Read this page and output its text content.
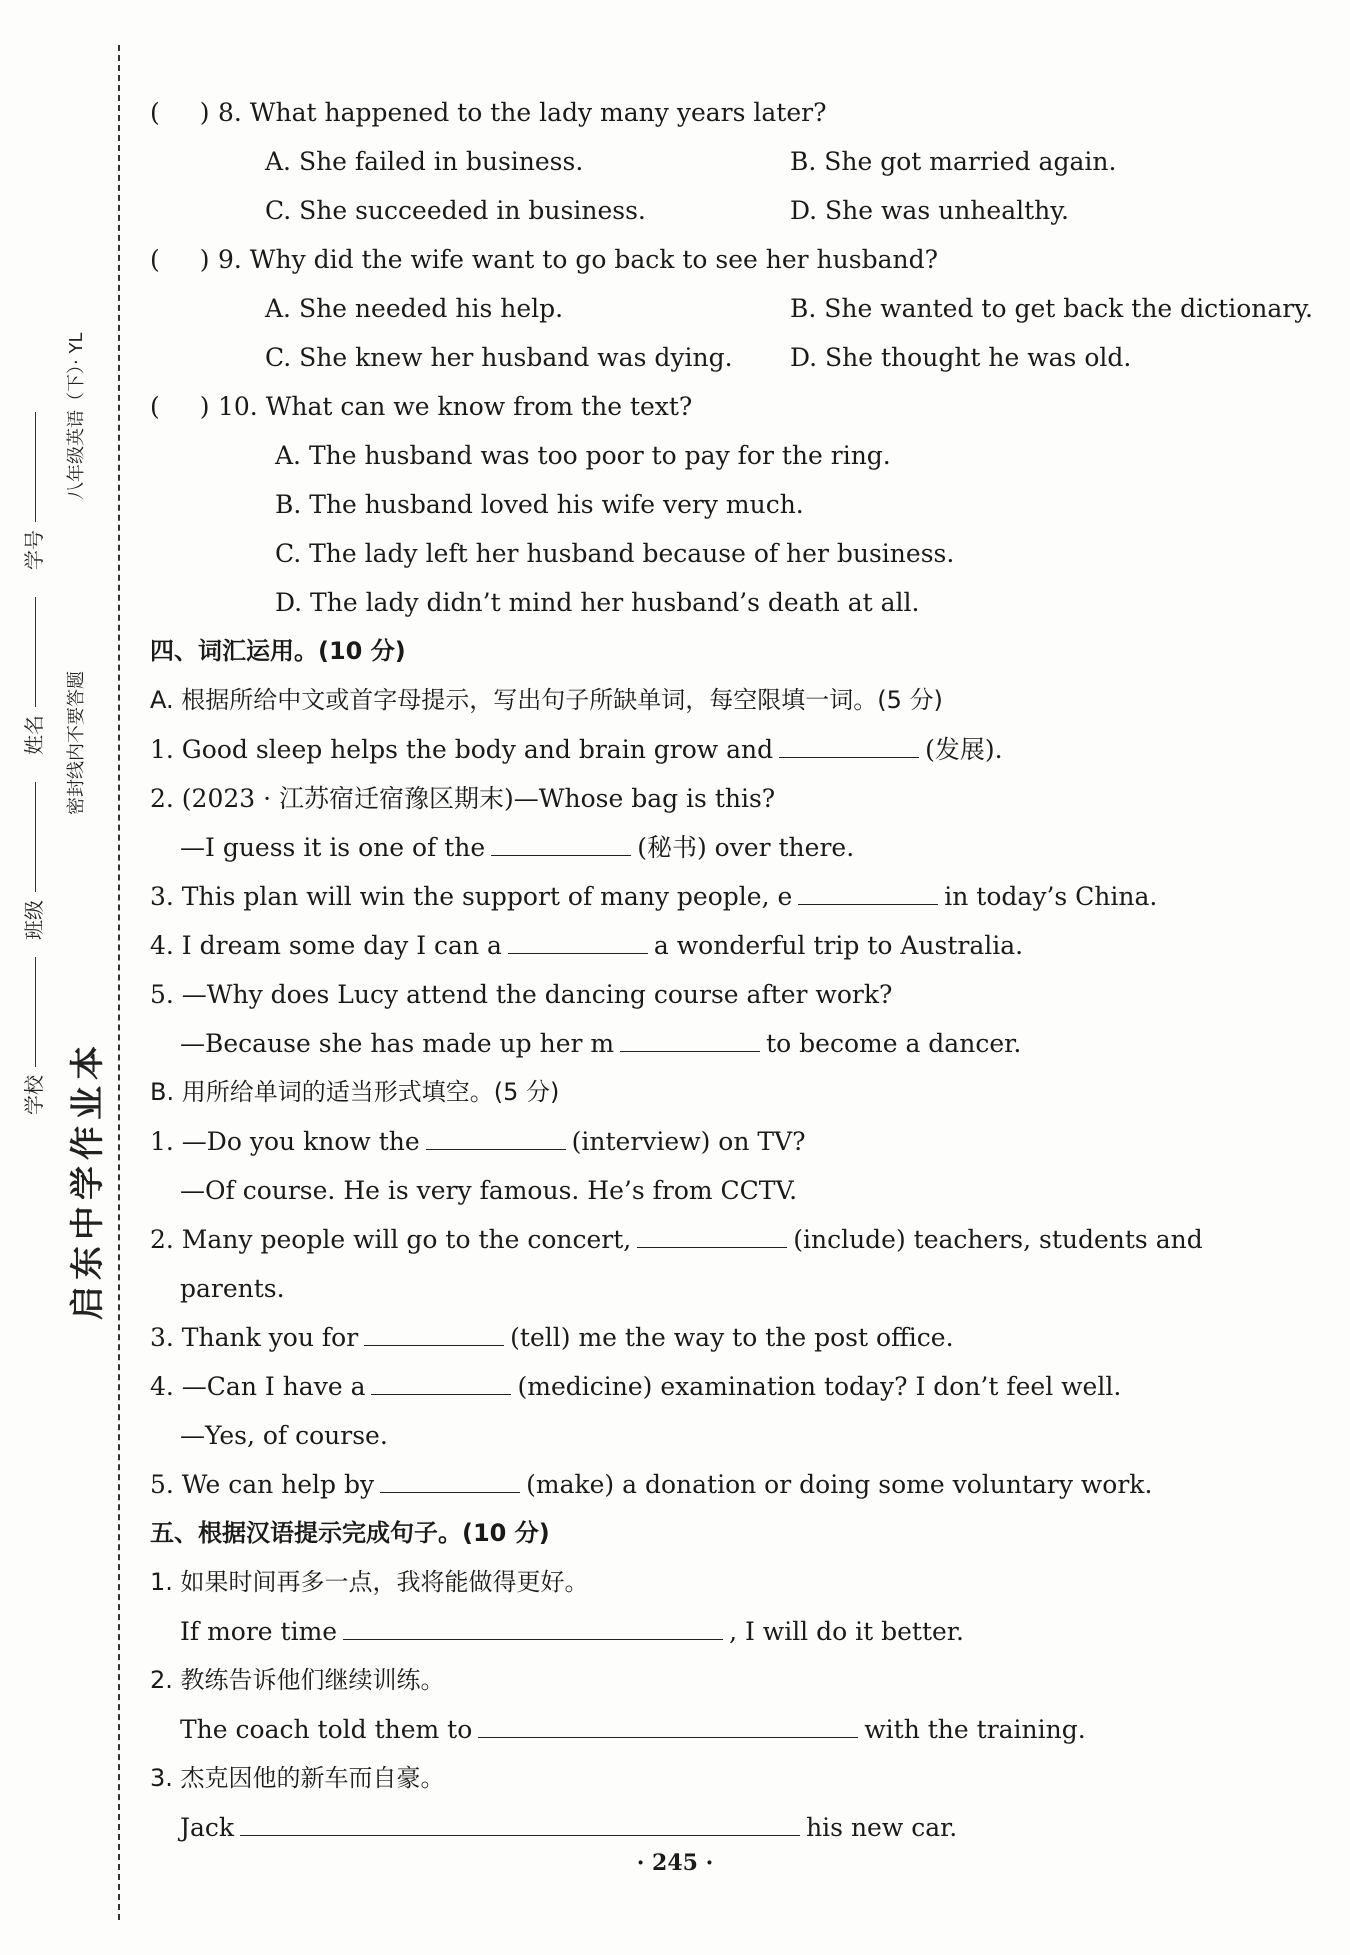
启东中学作业本
学校
班级
姓名
学号
密封线内不要答题
八年级英语（下）· YL
( ) 8. What happened to the lady many years later?
A. She failed in business.	B. She got married again.
C. She succeeded in business.	D. She was unhealthy.
( ) 9. Why did the wife want to go back to see her husband?
A. She needed his help.	B. She wanted to get back the dictionary.
C. She knew her husband was dying. D. She thought he was old.
( ) 10. What can we know from the text?
A. The husband was too poor to pay for the ring.
B. The husband loved his wife very much.
C. The lady left her husband because of her business.
D. The lady didn’t mind her husband’s death at all.
四、词汇运用。(10 分)
A. 根据所给中文或首字母提示，写出句子所缺单词，每空限填一词。(5 分)
1. Good sleep helps the body and brain grow and	(发展).
2. (2023 · 江苏宿迁宿豫区期末)—Whose bag is this?
—I guess it is one of the	(秘书) over there.
3. This plan will win the support of many people, e	in today’s China.
4. I dream some day I can a	a wonderful trip to Australia.
5. —Why does Lucy attend the dancing course after work?
—Because she has made up her m	to become a dancer.
B. 用所给单词的适当形式填空。(5 分)
1. —Do you know the	(interview) on TV?
—Of course. He is very famous. He’s from CCTV.
2. Many people will go to the concert,	(include) teachers, students and
parents.
3. Thank you for	(tell) me the way to the post office.
4. —Can I have a	(medicine) examination today? I don’t feel well.
—Yes, of course.
5. We can help by	(make) a donation or doing some voluntary work.
五、根据汉语提示完成句子。(10 分)
1. 如果时间再多一点，我将能做得更好。
If more time	, I will do it better.
2. 教练告诉他们继续训练。
The coach told them to	with the training.
3. 杰克因他的新车而自豪。
Jack	his new car.
· 245 ·
